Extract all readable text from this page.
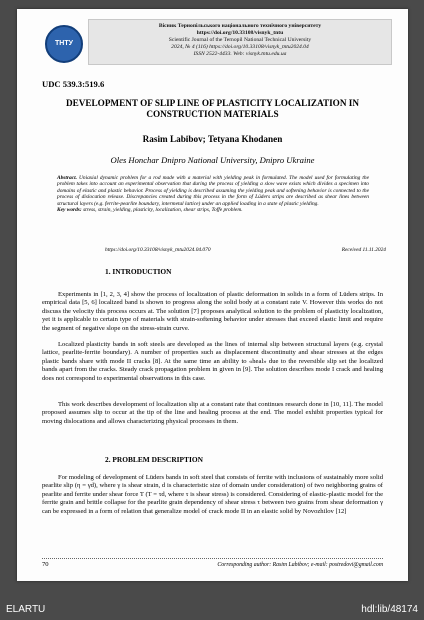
ТНТУ
Вісник Тернопільського національного технічного університету
https://doi.org/10.33108/visnyk_tntu
Scientific Journal of the Ternopil National Technical University
2024, № 4 (116) https://doi.org/10.33108/visnyk_tntu2024.04
ISSN 2522-4433. Web: visnyk.tntu.edu.ua
UDC 539.3:519.6
DEVELOPMENT OF SLIP LINE OF PLASTICITY LOCALIZATION IN CONSTRUCTION MATERIALS
Rasim Labibov; Tetyana Khodanen
Oles Honchar Dnipro National University, Dnipro Ukraine
Abstract. Uniaxial dynamic problem for a rod made with a material with yielding peak in formulated. The model used for formulating the problem takes into account an experimental observation that during the process of yielding a slow wave exists which divides a specimen into domains of elastic and plastic behavior. Process of yielding is described assuming the yielding peak and softening behavior is connected to the process of dislocation release. Discrepancies created during this process in the form of Lüders strips are described as shear lines between structural layers (e.g. ferrite-pearlite boundary, intermetal lattice) under an applied loading in a state of plastic yielding.
Key words: stress, strain, yielding, plasticity, localization, shear strips, Toffe problem.
https://doi.org/10.33108/visnyk_tntu2024.04.070	Received 11.11.2024
1. INTRODUCTION
Experiments in [1, 2, 3, 4] show the process of localization of plastic deformation in solids in a form of Lüders strips. In empirical data [5, 6] localized band is shown to progress along the solid body at a constant rate V. However this works do not discuss the velocity this process occurs at. The solution [7] proposes analytical solution to the problem of plasticity localization, yet it is applicable to certain type of materials with strain-softening behavior under stresses that exceed elastic limit and require the segment of negative slope on the stress-strain curve.
Localized plasticity bands in soft steels are developed as the lines of internal slip between structural layers (e.g. crystal lattice, pearlite-ferrite boundary). A number of properties such as displacement discontinuity and shear stresses at the edges plastic bands share with mode II cracks [8]. At the same time an ability to «heal» due to the reversible slip set the localized bands apart from the cracks. Steady crack propagation problem in given in [9]. The solution describes mode I crack and healing does not correspond to experimental observations in this case.
This work describes development of localization slip at a constant rate that continues research done in [10, 11]. The model proposed assumes slip to occur at the tip of the line and healing process at the end. The model exhibit properties typical for moving dislocations and allows characterizing physical processes in them.
2. PROBLEM DESCRIPTION
For modeling of development of Lüders bands in soft steel that consists of ferrite with inclusions of sustainably more solid pearlite slip (η = γd), where γ is shear strain, d is characteristic size of domain under consideration) of two neighboring grains of pearlite and ferrite under shear force T (T = τd, where τ is shear stress) is considered. Considering of elastic-plastic model for the ferrite grain and brittle collapse for the pearlite grain dependency of shear stress τ between two grains from shear deformation γ can be expressed in a form of relation that generalize model of crack mode II in an elastic solid by Novozhilov [12]
70	Corresponding author: Rasim Labibov; e-mail: postredovi@gmail.com
ELARTU	hdl:lib/48174
